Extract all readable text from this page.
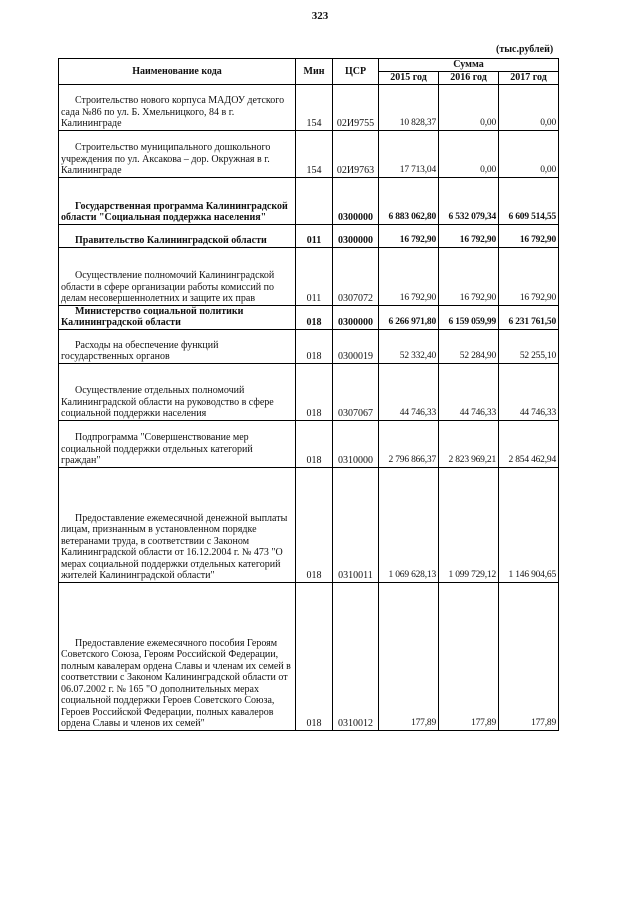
323
(тыс.рублей)
Наименование кода	Мин	ЦСР	Сумма		
			2015 год	2016 год	2017 год
Строительство нового корпуса МАДОУ детского сада №86 по ул. Б. Хмельницкого, 84 в г. Калининграде	154	02И9755	10 828,37	0,00	0,00
Строительство муниципального дошкольного учреждения по ул. Аксакова – дор. Окружная в г. Калининграде	154	02И9763	17 713,04	0,00	0,00
Государственная программа Калининградской области "Социальная поддержка населения"		0300000	6 883 062,80	6 532 079,34	6 609 514,55
Правительство Калининградской области	011	0300000	16 792,90	16 792,90	16 792,90
Осуществление полномочий Калининградской области в сфере организации работы комиссий по делам несовершеннолетних и защите их прав	011	0307072	16 792,90	16 792,90	16 792,90
Министерство социальной политики Калининградской области	018	0300000	6 266 971,80	6 159 059,99	6 231 761,50
Расходы на обеспечение функций государственных органов	018	0300019	52 332,40	52 284,90	52 255,10
Осуществление отдельных полномочий Калининградской области на руководство в сфере социальной поддержки населения	018	0307067	44 746,33	44 746,33	44 746,33
Подпрограмма "Совершенствование мер социальной поддержки отдельных категорий граждан"	018	0310000	2 796 866,37	2 823 969,21	2 854 462,94
Предоставление ежемесячной денежной выплаты лицам, признанным в установленном порядке ветеранами труда, в соответствии с Законом Калининградской области от 16.12.2004 г. № 473 "О мерах социальной поддержки отдельных категорий жителей Калининградской области"	018	0310011	1 069 628,13	1 099 729,12	1 146 904,65
Предоставление ежемесячного пособия Героям Советского Союза, Героям Российской Федерации, полным кавалерам ордена Славы и членам их семей в соответствии с Законом Калининградской области от 06.07.2002 г. № 165 "О дополнительных мерах социальной поддержки Героев Советского Союза, Героев Российской Федерации, полных кавалеров ордена Славы и членов их семей"	018	0310012	177,89	177,89	177,89
